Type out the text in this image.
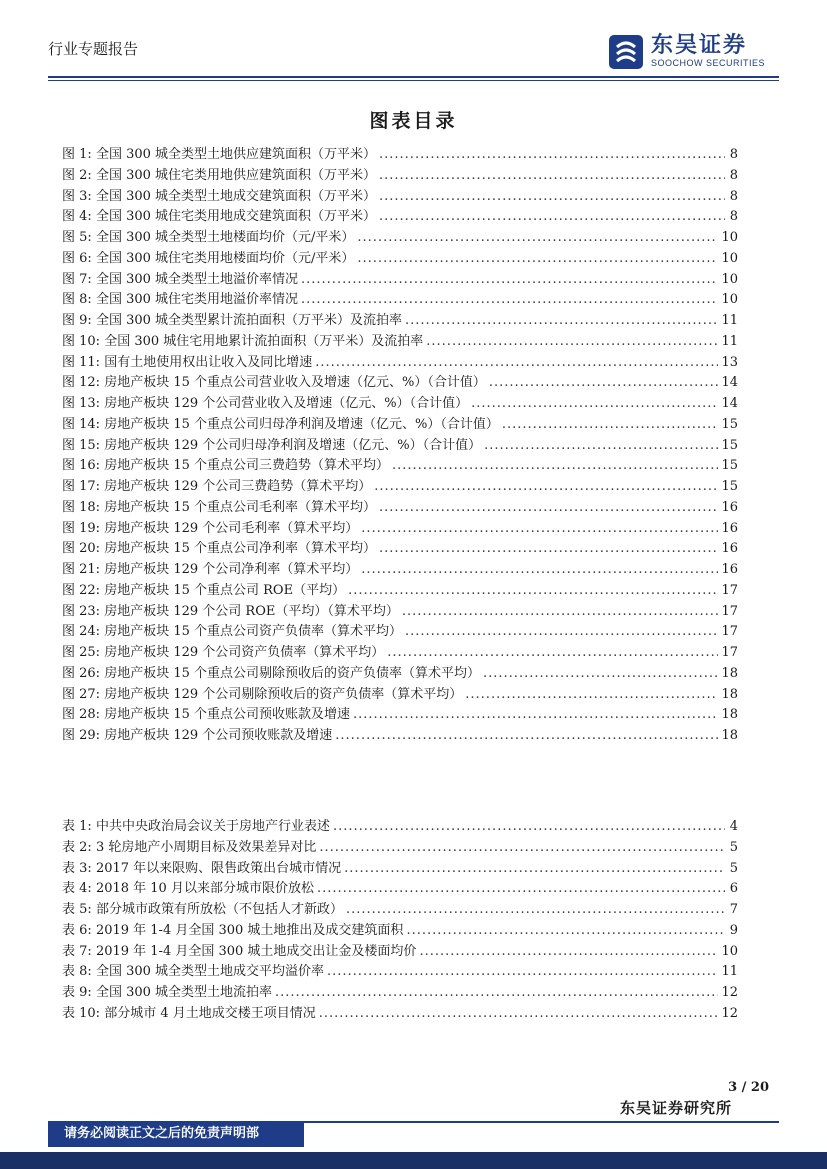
行业专题报告	东吴证券
SOOCHOW SECURITIES
图表目录
图 1: 全国 300 城全类型土地供应建筑面积（万平米） .....	8
图 2: 全国 300 城住宅类用地供应建筑面积（万平米） .....	8
图 3: 全国 300 城全类型土地成交建筑面积（万平米） .....	8
图 4: 全国 300 城住宅类用地成交建筑面积（万平米） .....	8
图 5: 全国 300 城全类型土地楼面均价（元/平米） .....	10
图 6: 全国 300 城住宅类用地楼面均价（元/平米） .....	10
图 7: 全国 300 城全类型土地溢价率情况 .....	10
图 8: 全国 300 城住宅类用地溢价率情况 .....	10
图 9: 全国 300 城全类型累计流拍面积（万平米）及流拍率 .....	11
图 10: 全国 300 城住宅用地累计流拍面积（万平米）及流拍率 .....	11
图 11: 国有土地使用权出让收入及同比增速 .....	13
图 12: 房地产板块 15 个重点公司营业收入及增速（亿元、%）（合计值） .....	14
图 13: 房地产板块 129 个公司营业收入及增速（亿元、%）（合计值） .....	14
图 14: 房地产板块 15 个重点公司归母净利润及增速（亿元、%）（合计值） .....	15
图 15: 房地产板块 129 个公司归母净利润及增速（亿元、%）（合计值） .....	15
图 16: 房地产板块 15 个重点公司三费趋势（算术平均） .....	15
图 17: 房地产板块 129 个公司三费趋势（算术平均） .....	15
图 18: 房地产板块 15 个重点公司毛利率（算术平均） .....	16
图 19: 房地产板块 129 个公司毛利率（算术平均） .....	16
图 20: 房地产板块 15 个重点公司净利率（算术平均） .....	16
图 21: 房地产板块 129 个公司净利率（算术平均） .....	16
图 22: 房地产板块 15 个重点公司 ROE（平均） .....	17
图 23: 房地产板块 129 个公司 ROE（平均）（算术平均） .....	17
图 24: 房地产板块 15 个重点公司资产负债率（算术平均） .....	17
图 25: 房地产板块 129 个公司资产负债率（算术平均） .....	17
图 26: 房地产板块 15 个重点公司剔除预收后的资产负债率（算术平均） .....	18
图 27: 房地产板块 129 个公司剔除预收后的资产负债率（算术平均） .....	18
图 28: 房地产板块 15 个重点公司预收账款及增速 .....	18
图 29: 房地产板块 129 个公司预收账款及增速 .....	18
表 1: 中共中央政治局会议关于房地产行业表述 .....	4
表 2: 3 轮房地产小周期目标及效果差异对比 .....	5
表 3: 2017 年以来限购、限售政策出台城市情况 .....	5
表 4: 2018 年 10 月以来部分城市限价放松 .....	6
表 5: 部分城市政策有所放松（不包括人才新政） .....	7
表 6: 2019 年 1-4 月全国 300 城土地推出及成交建筑面积 .....	9
表 7: 2019 年 1-4 月全国 300 城土地成交出让金及楼面均价 .....	10
表 8: 全国 300 城全类型土地成交平均溢价率 .....	11
表 9: 全国 300 城全类型土地流拍率 .....	12
表 10: 部分城市 4 月土地成交楼王项目情况 .....	12
3 / 20
东吴证券研究所
请务必阅读正文之后的免责声明部
